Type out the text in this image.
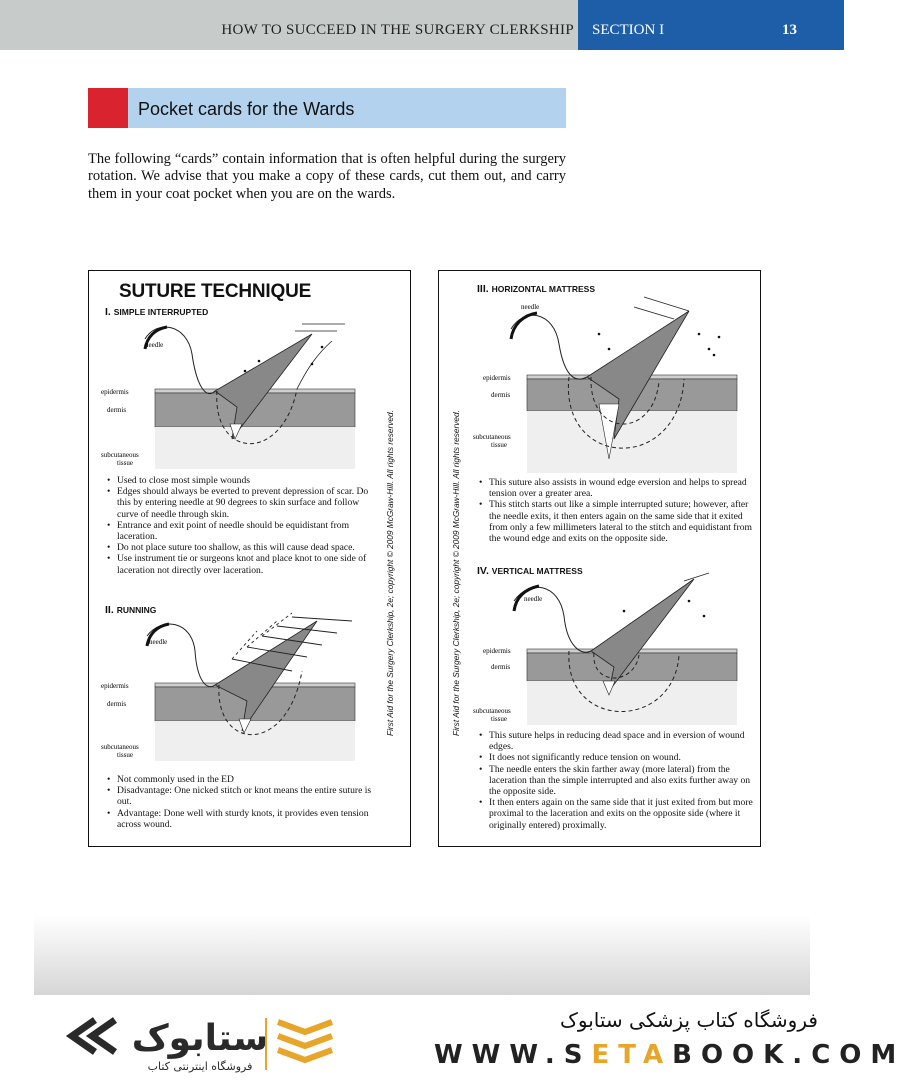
HOW TO SUCCEED IN THE SURGERY CLERKSHIP SECTION I	13
Pocket cards for the Wards

The following “cards” contain information that is often helpful during the surgery rotation. We advise that you make a copy of these cards, cut them out, and carry them in your coat pocket when you are on the wards.

SUTURE TECHNIQUE
I. SIMPLE INTERRUPTED
needle
epidermis
dermis
subcutaneous
tissue
• Used to close most simple wounds
• Edges should always be everted to prevent depression of scar. Do this by entering needle at 90 degrees to skin surface and follow curve of needle through skin.
• Entrance and exit point of needle should be equidistant from laceration.
• Do not place suture too shallow, as this will cause dead space.
• Use instrument tie or surgeons knot and place knot to one side of laceration not directly over laceration.
II. RUNNING
needle
epidermis
dermis
subcutaneous
tissue
• Not commonly used in the ED
• Disadvantage: One nicked stitch or knot means the entire suture is out.
• Advantage: Done well with sturdy knots, it provides even tension across wound.
First Aid for the Surgery Clerkship, 2e; copyright © 2009 McGraw-Hill. All rights reserved.	First Aid for the Surgery Clerkship, 2e; copyright © 2009 McGraw-Hill. All rights reserved.
III. HORIZONTAL MATTRESS
needle
epidermis
dermis
subcutaneous
tissue
• This suture also assists in wound edge eversion and helps to spread tension over a greater area.
• This stitch starts out like a simple interrupted suture; however, after the needle exits, it then enters again on the same side that it exited from only a few millimeters lateral to the stitch and equidistant from the wound edge and exits on the opposite side.
IV. VERTICAL MATTRESS
needle
epidermis
dermis
subcutaneous
tissue
• This suture helps in reducing dead space and in eversion of wound edges.
• It does not significantly reduce tension on wound.
• The needle enters the skin farther away (more lateral) from the laceration than the simple interrupted and also exits further away on the opposite side.
• It then enters again on the same side that it just exited from but more proximal to the laceration and exits on the opposite side (where it originally entered) proximally.
ستابوک
فروشگاه اینترنتی کتاب
فروشگاه کتاب پزشکی ستابوک
WWW.SETABOOK.COM
